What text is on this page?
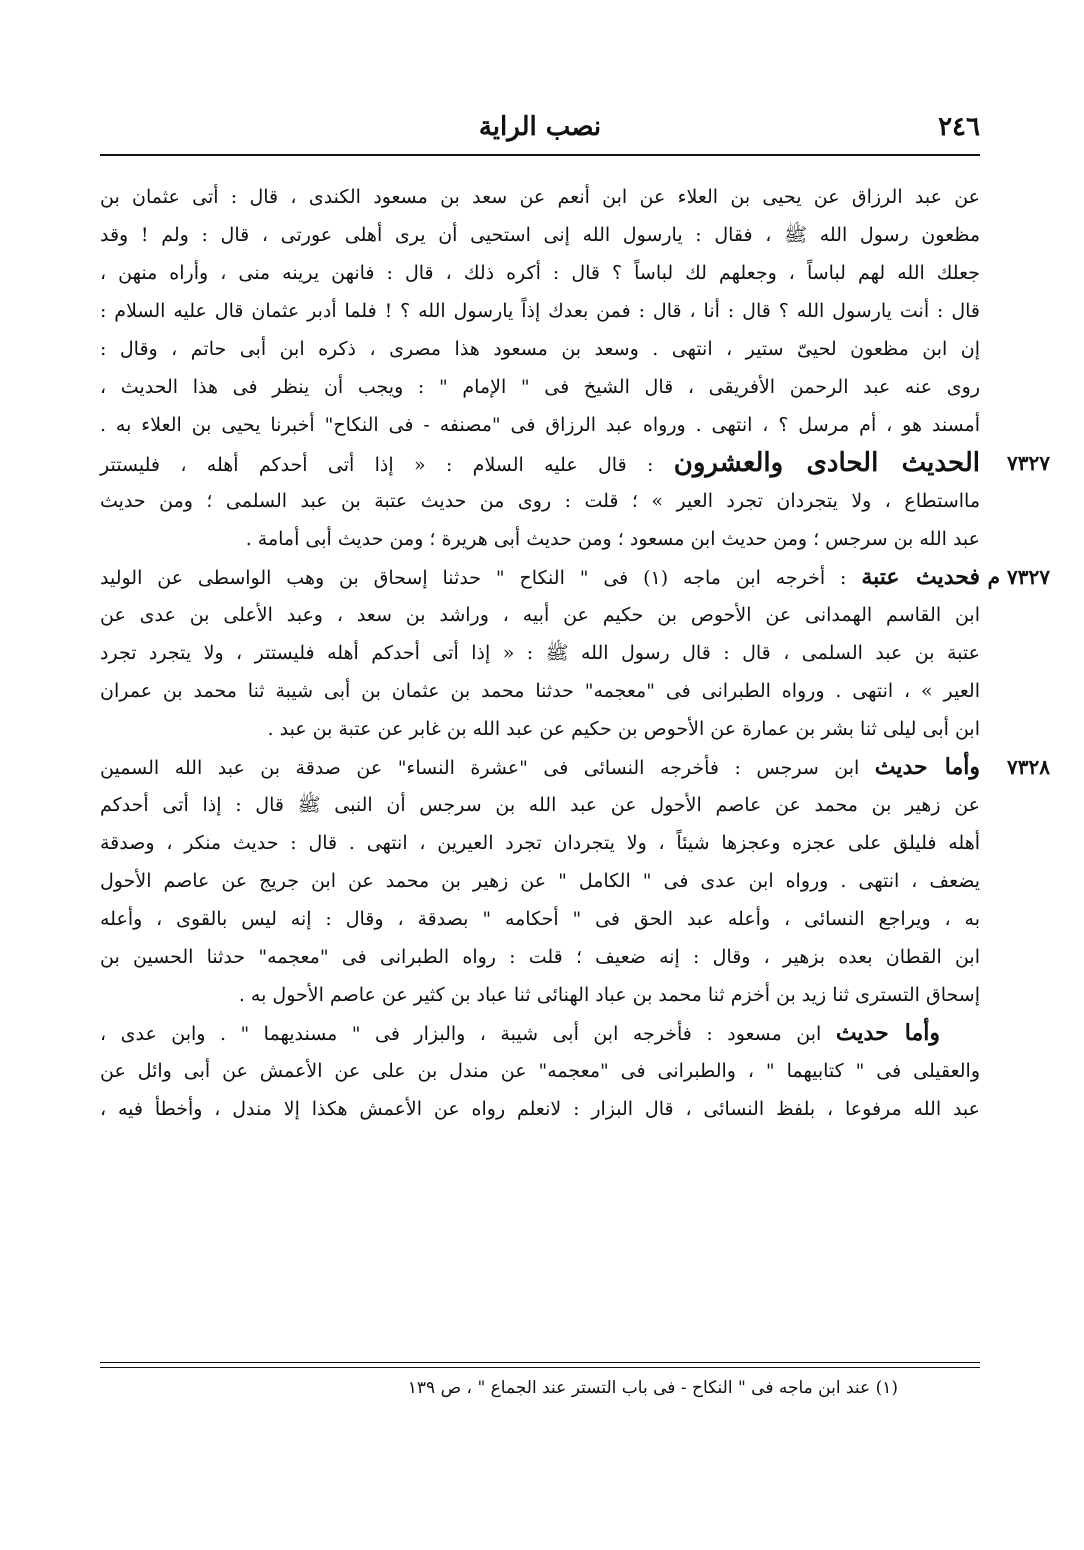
٢٤٦
نصب الراية
عن عبد الرزاق عن يحيى بن العلاء عن ابن أنعم عن سعد بن مسعود الكندى ، قال : أتى عثمان بن
مظعون رسول الله ﷺ ، فقال : يارسول الله إنى استحيى أن يرى أهلى عورتى ، قال : ولم ! وقد
جعلك الله لهم لباساً ، وجعلهم لك لباساً ؟ قال : أكره ذلك ، قال : فانهن يرينه منى ، وأراه منهن ،
قال : أنت يارسول الله ؟ قال : أنا ، قال : فمن بعدك إذاً يارسول الله ؟ ! فلما أدبر عثمان قال عليه السلام :
إن ابن مظعون لحيىّ ستير ، انتهى . وسعد بن مسعود هذا مصرى ، ذكره ابن أبى حاتم ، وقال :
روى عنه عبد الرحمن الأفريقى ، قال الشيخ فى " الإمام " : ويجب أن ينظر فى هذا الحديث ،
أمسند هو ، أم مرسل ؟ ، انتهى . ورواه عبد الرزاق فى "مصنفه - فى النكاح" أخبرنا يحيى بن العلاء به .
٧٣٢٧
الحديث الحادى والعشرون : قال عليه السلام : « إذا أتى أحدكم أهله ، فليستتر
مااستطاع ، ولا يتجردان تجرد العير » ؛ قلت : روى من حديث عتبة بن عبد السلمى ؛ ومن حديث
عبد الله بن سرجس ؛ ومن حديث ابن مسعود ؛ ومن حديث أبى هريرة ؛ ومن حديث أبى أمامة .
٧٣٢٧ م
فحديث عتبة : أخرجه ابن ماجه (١) فى " النكاح " حدثنا إسحاق بن وهب الواسطى عن الوليد
ابن القاسم الهمدانى عن الأحوص بن حكيم عن أبيه ، وراشد بن سعد ، وعبد الأعلى بن عدى عن
عتبة بن عبد السلمى ، قال : قال رسول الله ﷺ : « إذا أتى أحدكم أهله فليستتر ، ولا يتجرد تجرد
العير » ، انتهى . ورواه الطبرانى فى "معجمه" حدثنا محمد بن عثمان بن أبى شيبة ثنا محمد بن عمران
ابن أبى ليلى ثنا بشر بن عمارة عن الأحوص بن حكيم عن عبد الله بن غابر عن عتبة بن عبد .
٧٣٢٨
وأما حديث ابن سرجس : فأخرجه النسائى فى "عشرة النساء" عن صدقة بن عبد الله السمين
عن زهير بن محمد عن عاصم الأحول عن عبد الله بن سرجس أن النبى ﷺ قال : إذا أتى أحدكم
أهله فليلق على عجزه وعجزها شيئاً ، ولا يتجردان تجرد العيرين ، انتهى . قال : حديث منكر ، وصدقة
يضعف ، انتهى . ورواه ابن عدى فى " الكامل " عن زهير بن محمد عن ابن جريج عن عاصم الأحول
به ، ويراجع النسائى ، وأعله عبد الحق فى " أحكامه " بصدقة ، وقال : إنه ليس بالقوى ، وأعله
ابن القطان بعده بزهير ، وقال : إنه ضعيف ؛ قلت : رواه الطبرانى فى "معجمه" حدثنا الحسين بن
إسحاق التسترى ثنا زيد بن أخزم ثنا محمد بن عباد الهنائى ثنا عباد بن كثير عن عاصم الأحول به .
وأما حديث ابن مسعود : فأخرجه ابن أبى شيبة ، والبزار فى " مسنديهما " . وابن عدى ،
والعقيلى فى " كتابيهما " ، والطبرانى فى "معجمه" عن مندل بن على عن الأعمش عن أبى وائل عن
عبد الله مرفوعا ، بلفظ النسائى ، قال البزار : لانعلم رواه عن الأعمش هكذا إلا مندل ، وأخطأ فيه ،
(١) عند ابن ماجه فى " النكاح - فى باب التستر عند الجماع " ، ص ١٣٩
